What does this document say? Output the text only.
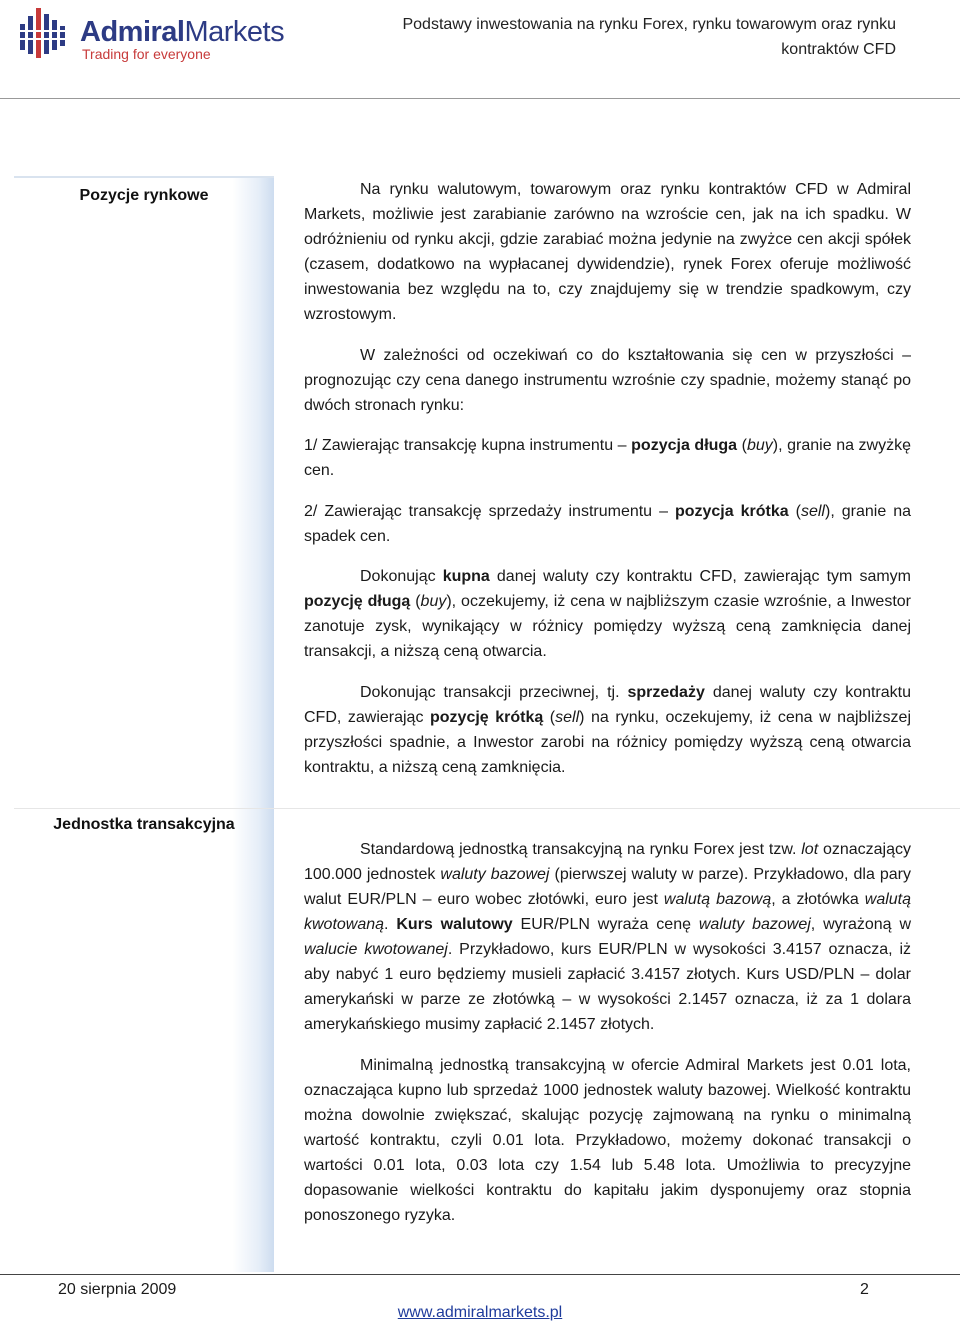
AdmiralMarkets
Trading for everyone
Podstawy inwestowania na rynku Forex, rynku towarowym oraz rynku kontraktów CFD
Pozycje rynkowe
Jednostka transakcyjna

Na rynku walutowym, towarowym oraz rynku kontraktów CFD w Admiral Markets, możliwie jest zarabianie zarówno na wzroście cen, jak na ich spadku. W odróżnieniu od rynku akcji, gdzie zarabiać można jedynie na zwyżce cen akcji spółek (czasem, dodatkowo na wypłacanej dywidendzie), rynek Forex oferuje możliwość inwestowania bez względu na to, czy znajdujemy się w trendzie spadkowym, czy wzrostowym.

W zależności od oczekiwań co do kształtowania się cen w przyszłości – prognozując czy cena danego instrumentu wzrośnie czy spadnie, możemy stanąć po dwóch stronach rynku:

1/ Zawierając transakcję kupna instrumentu – pozycja długa (buy), granie na zwyżkę cen.

2/ Zawierając transakcję sprzedaży instrumentu – pozycja krótka (sell), granie na spadek cen.

Dokonując kupna danej waluty czy kontraktu CFD, zawierając tym samym pozycję długą (buy), oczekujemy, iż cena w najbliższym czasie wzrośnie, a Inwestor zanotuje zysk, wynikający w różnicy pomiędzy wyższą ceną zamknięcia danej transakcji, a niższą ceną otwarcia.

Dokonując transakcji przeciwnej, tj. sprzedaży danej waluty czy kontraktu CFD, zawierając pozycję krótką (sell) na rynku, oczekujemy, iż cena w najbliższej przyszłości spadnie, a Inwestor zarobi na różnicy pomiędzy wyższą ceną otwarcia kontraktu, a niższą ceną zamknięcia.

Standardową jednostką transakcyjną na rynku Forex jest tzw. lot oznaczający 100.000 jednostek waluty bazowej (pierwszej waluty w parze). Przykładowo, dla pary walut EUR/PLN – euro wobec złotówki, euro jest walutą bazową, a złotówka walutą kwotowaną. Kurs walutowy EUR/PLN wyraża cenę waluty bazowej, wyrażoną w walucie kwotowanej. Przykładowo, kurs EUR/PLN w wysokości 3.4157 oznacza, iż aby nabyć 1 euro będziemy musieli zapłacić 3.4157 złotych. Kurs USD/PLN – dolar amerykański w parze ze złotówką – w wysokości 2.1457 oznacza, iż za 1 dolara amerykańskiego musimy zapłacić 2.1457 złotych.

Minimalną jednostką transakcyjną w ofercie Admiral Markets jest 0.01 lota, oznaczająca kupno lub sprzedaż 1000 jednostek waluty bazowej. Wielkość kontraktu można dowolnie zwiększać, skalując pozycję zajmowaną na rynku o minimalną wartość kontraktu, czyli 0.01 lota. Przykładowo, możemy dokonać transakcji o wartości 0.01 lota, 0.03 lota czy 1.54 lub 5.48 lota. Umożliwia to precyzyjne dopasowanie wielkości kontraktu do kapitału jakim dysponujemy oraz stopnia ponoszonego ryzyka.

20 sierpnia 2009	2
www.admiralmarkets.pl
